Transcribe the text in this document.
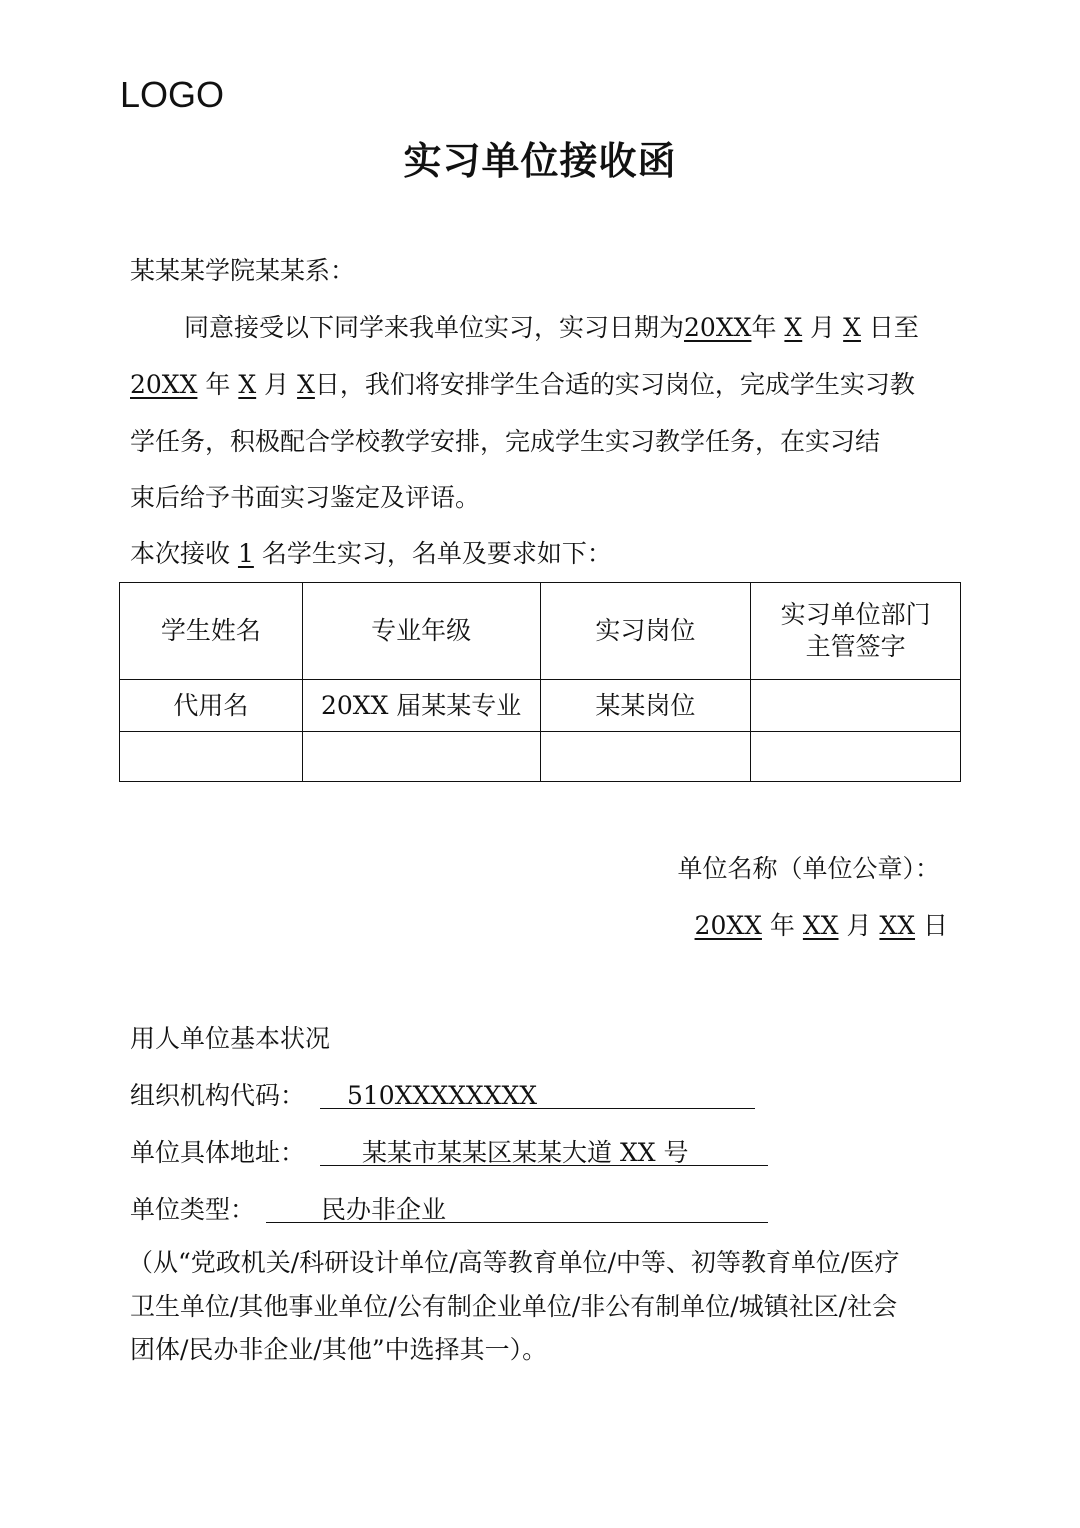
LOGO
实习单位接收函
某某某学院某某系：
同意接受以下同学来我单位实习，实习日期为20XX年 X 月 X 日至
20XX 年 X 月 X日，我们将安排学生合适的实习岗位，完成学生实习教
学任务，积极配合学校教学安排，完成学生实习教学任务，在实习结
束后给予书面实习鉴定及评语。
本次接收 1 名学生实习，名单及要求如下：
学生姓名	专业年级	实习岗位	实习单位部门
主管签字
代用名	20XX 届某某专业	某某岗位	

单位名称（单位公章）：
20XX 年 XX 月 XX 日
用人单位基本状况
组织机构代码： 510XXXXXXXX
单位具体地址： 某某市某某区某某大道 XX 号
单位类型：	民办非企业
（从“党政机关/科研设计单位/高等教育单位/中等、初等教育单位/医疗
卫生单位/其他事业单位/公有制企业单位/非公有制单位/城镇社区/社会
团体/民办非企业/其他”中选择其一）。
